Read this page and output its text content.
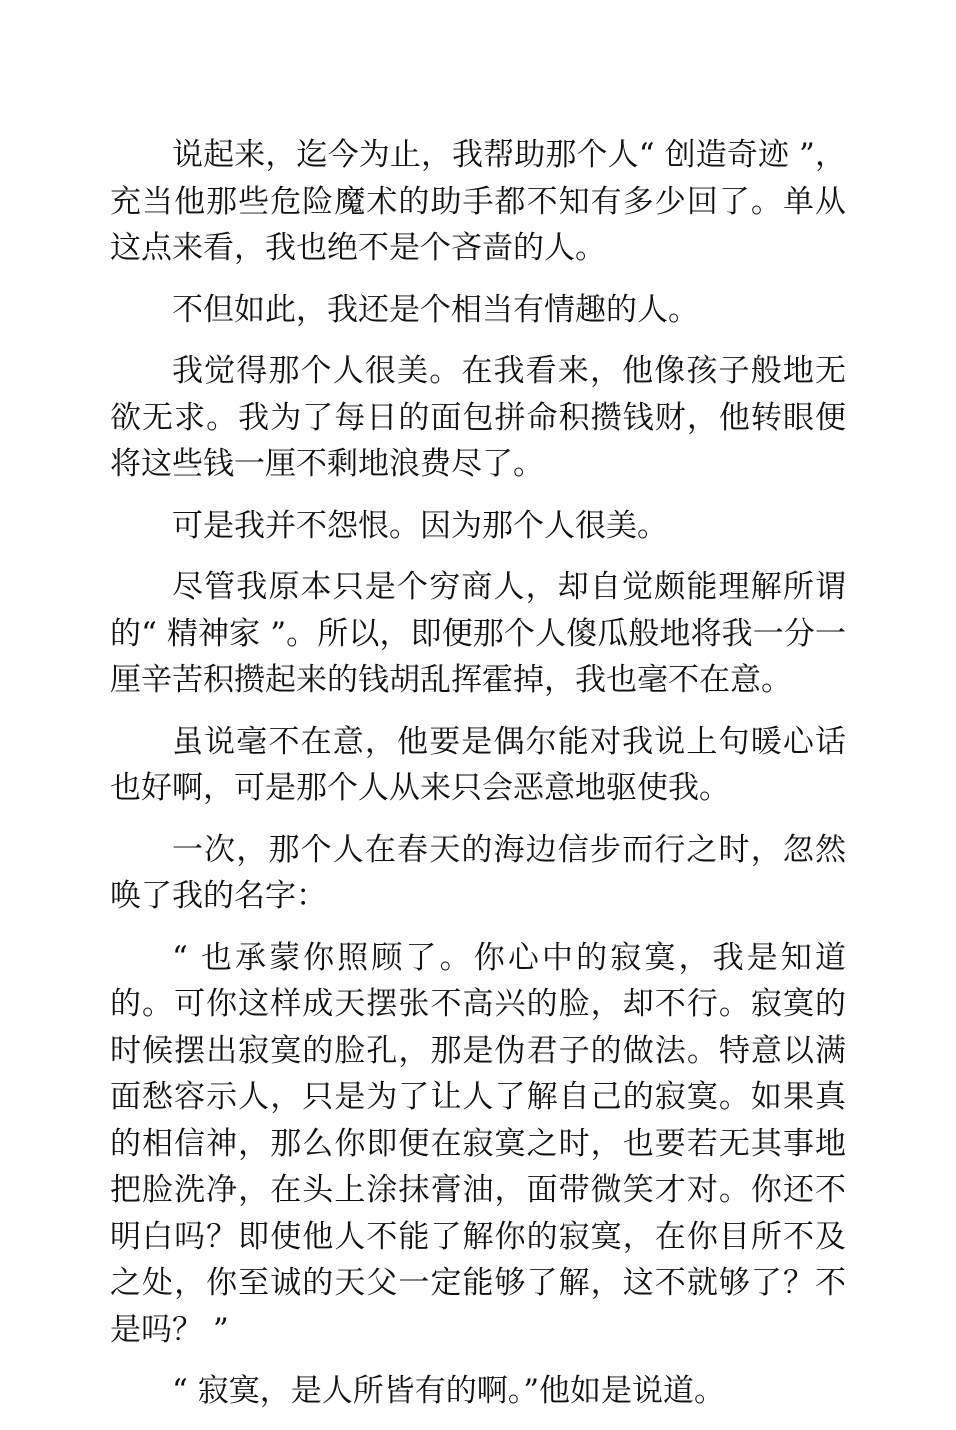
说起来，迄今为止，我帮助那个人“ 创造奇迹 ”，充当他那些危险魔术的助手都不知有多少回了。单从这点来看，我也绝不是个吝啬的人。

不但如此，我还是个相当有情趣的人。

我觉得那个人很美。在我看来，他像孩子般地无欲无求。我为了每日的面包拼命积攒钱财，他转眼便将这些钱一厘不剩地浪费尽了。

可是我并不怨恨。因为那个人很美。

尽管我原本只是个穷商人，却自觉颇能理解所谓的“ 精神家 ”。所以，即便那个人傻瓜般地将我一分一厘辛苦积攒起来的钱胡乱挥霍掉，我也毫不在意。

虽说毫不在意，他要是偶尔能对我说上句暖心话也好啊，可是那个人从来只会恶意地驱使我。

一次，那个人在春天的海边信步而行之时，忽然唤了我的名字：

“ 也承蒙你照顾了。你心中的寂寞，我是知道的。可你这样成天摆张不高兴的脸，却不行。寂寞的时候摆出寂寞的脸孔，那是伪君子的做法。特意以满面愁容示人，只是为了让人了解自己的寂寞。如果真的相信神，那么你即便在寂寞之时，也要若无其事地把脸洗净，在头上涂抹膏油，面带微笑才对。你还不明白吗？即使他人不能了解你的寂寞，在你目所不及之处，你至诚的天父一定能够了解，这不就够了？不是吗？ ”

“ 寂寞，是人所皆有的啊。”他如是说道。
